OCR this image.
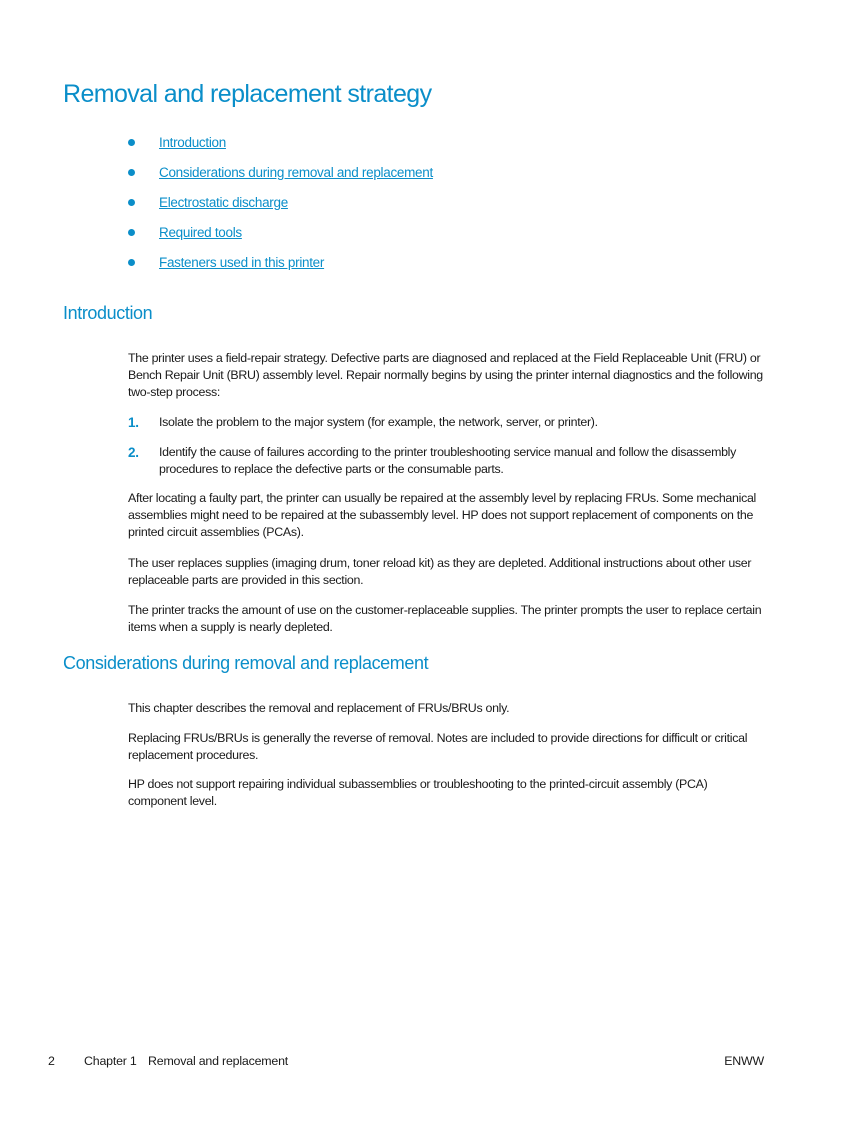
Removal and replacement strategy
Introduction
Considerations during removal and replacement
Electrostatic discharge
Required tools
Fasteners used in this printer
Introduction

The printer uses a field-repair strategy. Defective parts are diagnosed and replaced at the Field Replaceable Unit (FRU) or Bench Repair Unit (BRU) assembly level. Repair normally begins by using the printer internal diagnostics and the following two-step process:

1. Isolate the problem to the major system (for example, the network, server, or printer).
2. Identify the cause of failures according to the printer troubleshooting service manual and follow the disassembly procedures to replace the defective parts or the consumable parts.

After locating a faulty part, the printer can usually be repaired at the assembly level by replacing FRUs. Some mechanical assemblies might need to be repaired at the subassembly level. HP does not support replacement of components on the printed circuit assemblies (PCAs).

The user replaces supplies (imaging drum, toner reload kit) as they are depleted. Additional instructions about other user replaceable parts are provided in this section.

The printer tracks the amount of use on the customer-replaceable supplies. The printer prompts the user to replace certain items when a supply is nearly depleted.

Considerations during removal and replacement

This chapter describes the removal and replacement of FRUs/BRUs only.

Replacing FRUs/BRUs is generally the reverse of removal. Notes are included to provide directions for difficult or critical replacement procedures.

HP does not support repairing individual subassemblies or troubleshooting to the printed-circuit assembly (PCA) component level.

2 Chapter 1 Removal and replacement	ENWW
